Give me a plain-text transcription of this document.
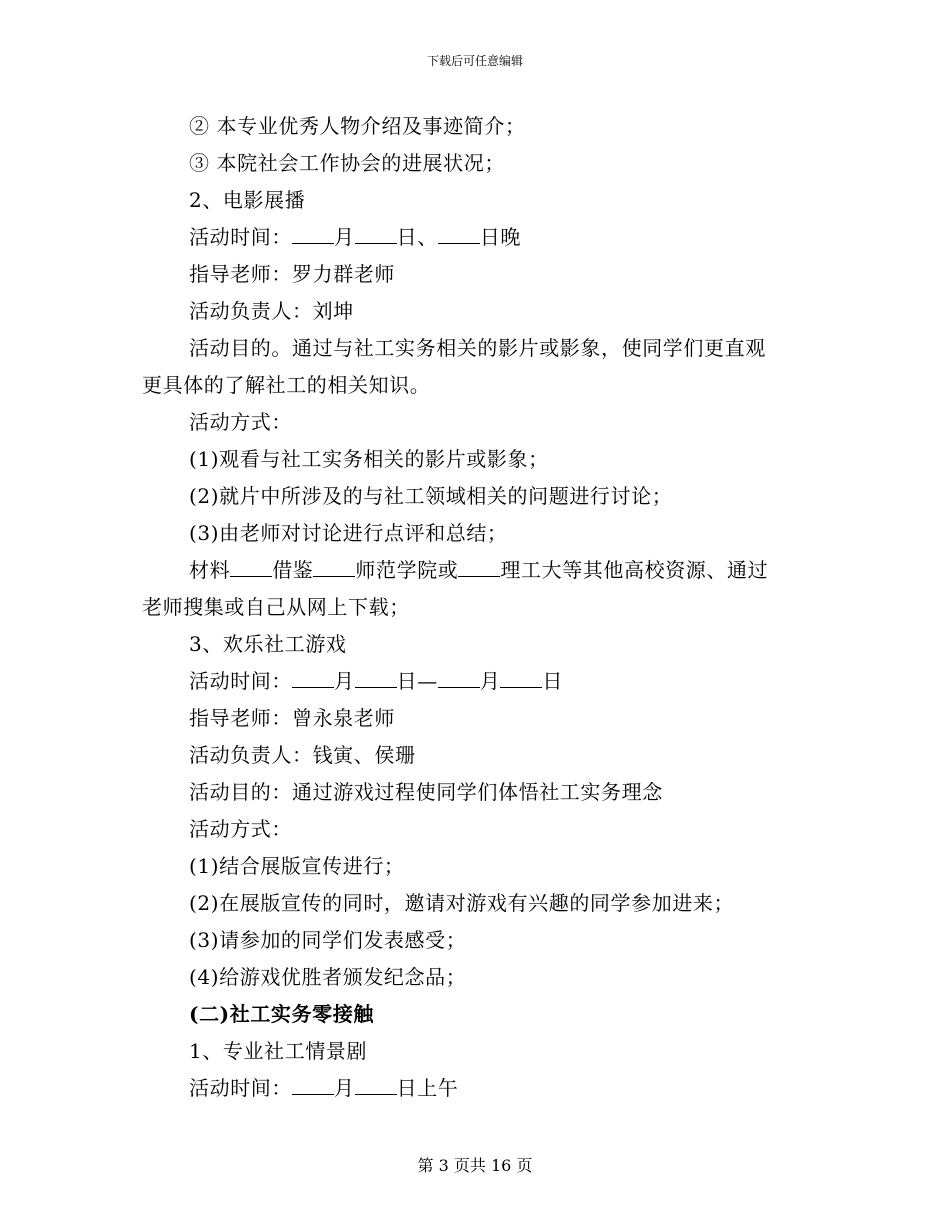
下载后可任意编辑
② 本专业优秀人物介绍及事迹简介；
③ 本院社会工作协会的进展状况；
2、电影展播
活动时间： 月 日、 日晚
指导老师：罗力群老师
活动负责人：刘坤
活动目的。通过与社工实务相关的影片或影象，使同学们更直观
更具体的了解社工的相关知识。
活动方式：
(1)观看与社工实务相关的影片或影象；
(2)就片中所涉及的与社工领域相关的问题进行讨论；
(3)由老师对讨论进行点评和总结；
材料 借鉴 师范学院或 理工大等其他高校资源、通过
老师搜集或自己从网上下载；
3、欢乐社工游戏
活动时间： 月 日— 月 日
指导老师：曾永泉老师
活动负责人：钱寅、侯珊
活动目的：通过游戏过程使同学们体悟社工实务理念
活动方式：
(1)结合展版宣传进行；
(2)在展版宣传的同时，邀请对游戏有兴趣的同学参加进来；
(3)请参加的同学们发表感受；
(4)给游戏优胜者颁发纪念品；
(二)社工实务零接触
1、专业社工情景剧
活动时间： 月 日上午
第 3 页共 16 页
